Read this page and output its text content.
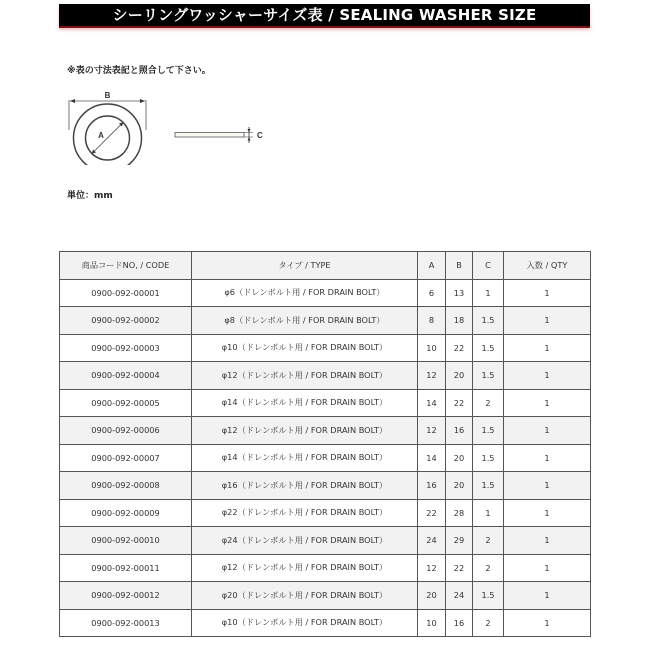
シーリングワッシャーサイズ表 / SEALING WASHER SIZE
※表の寸法表記と照合して下さい。
B
A	C
単位：mm
商品コードNO, / CODE	タイプ / TYPE	A	B	C	入数 / QTY
0900-092-00001	φ6（ドレンボルト用 / FOR DRAIN BOLT）	6	13	1	1
0900-092-00002	φ8（ドレンボルト用 / FOR DRAIN BOLT）	8	18	1.5	1
0900-092-00003	φ10（ドレンボルト用 / FOR DRAIN BOLT）	10	22	1.5	1
0900-092-00004	φ12（ドレンボルト用 / FOR DRAIN BOLT）	12	20	1.5	1
0900-092-00005	φ14（ドレンボルト用 / FOR DRAIN BOLT）	14	22	2	1
0900-092-00006	φ12（ドレンボルト用 / FOR DRAIN BOLT）	12	16	1.5	1
0900-092-00007	φ14（ドレンボルト用 / FOR DRAIN BOLT）	14	20	1.5	1
0900-092-00008	φ16（ドレンボルト用 / FOR DRAIN BOLT）	16	20	1.5	1
0900-092-00009	φ22（ドレンボルト用 / FOR DRAIN BOLT）	22	28	1	1
0900-092-00010	φ24（ドレンボルト用 / FOR DRAIN BOLT）	24	29	2	1
0900-092-00011	φ12（ドレンボルト用 / FOR DRAIN BOLT）	12	22	2	1
0900-092-00012	φ20（ドレンボルト用 / FOR DRAIN BOLT）	20	24	1.5	1
0900-092-00013	φ10（ドレンボルト用 / FOR DRAIN BOLT）	10	16	2	1
